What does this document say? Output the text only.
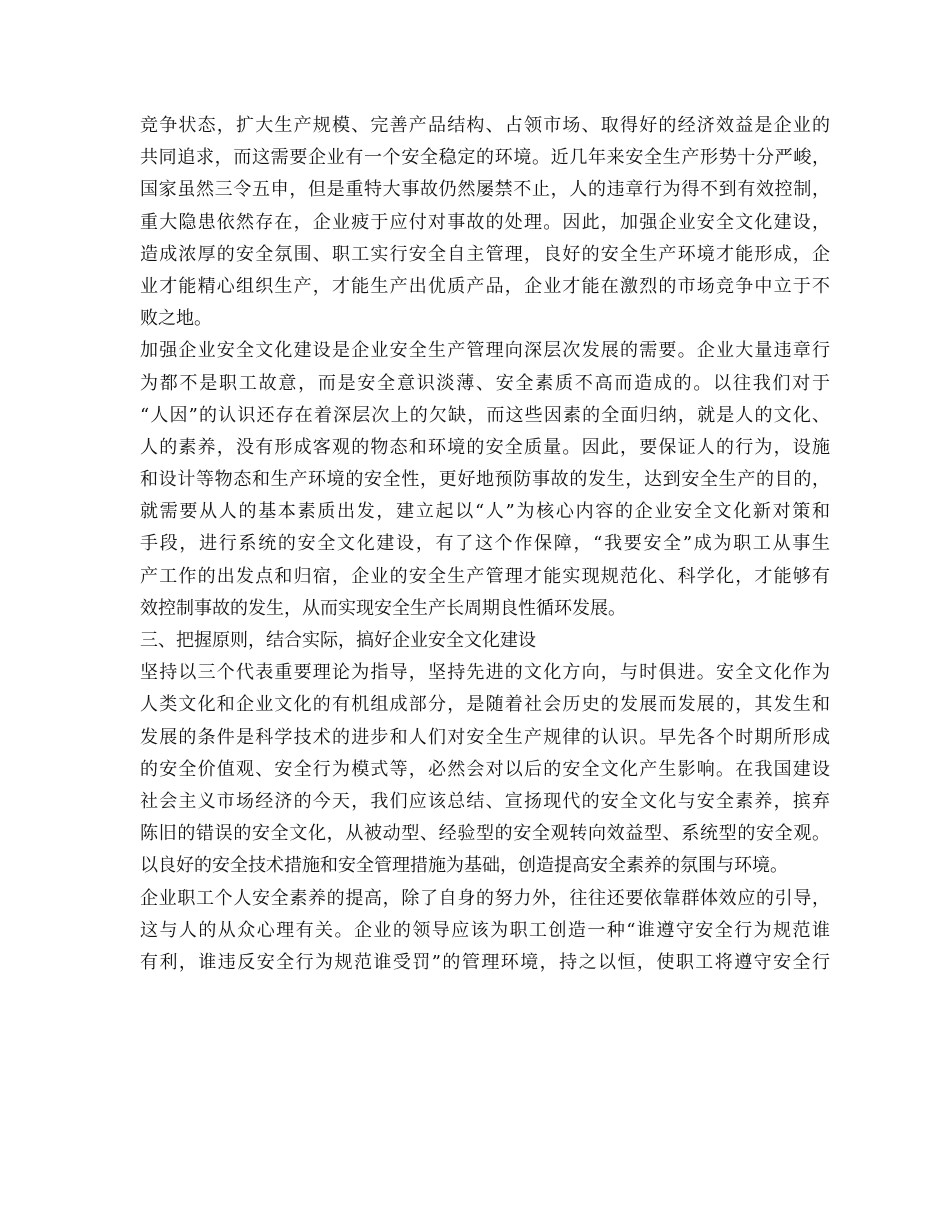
竞争状态，扩大生产规模、完善产品结构、占领市场、取得好的经济效益是企业的
共同追求，而这需要企业有一个安全稳定的环境。近几年来安全生产形势十分严峻，
国家虽然三令五申，但是重特大事故仍然屡禁不止，人的违章行为得不到有效控制，
重大隐患依然存在，企业疲于应付对事故的处理。因此，加强企业安全文化建设，
造成浓厚的安全氛围、职工实行安全自主管理，良好的安全生产环境才能形成，企
业才能精心组织生产，才能生产出优质产品，企业才能在激烈的市场竞争中立于不
败之地。
加强企业安全文化建设是企业安全生产管理向深层次发展的需要。企业大量违章行
为都不是职工故意，而是安全意识淡薄、安全素质不高而造成的。以往我们对于
“人因”的认识还存在着深层次上的欠缺，而这些因素的全面归纳，就是人的文化、
人的素养，没有形成客观的物态和环境的安全质量。因此，要保证人的行为，设施
和设计等物态和生产环境的安全性，更好地预防事故的发生，达到安全生产的目的，
就需要从人的基本素质出发，建立起以“人”为核心内容的企业安全文化新对策和
手段，进行系统的安全文化建设，有了这个作保障，“我要安全”成为职工从事生
产工作的出发点和归宿，企业的安全生产管理才能实现规范化、科学化，才能够有
效控制事故的发生，从而实现安全生产长周期良性循环发展。
三、把握原则，结合实际，搞好企业安全文化建设
坚持以三个代表重要理论为指导，坚持先进的文化方向，与时俱进。安全文化作为
人类文化和企业文化的有机组成部分，是随着社会历史的发展而发展的，其发生和
发展的条件是科学技术的进步和人们对安全生产规律的认识。早先各个时期所形成
的安全价值观、安全行为模式等，必然会对以后的安全文化产生影响。在我国建设
社会主义市场经济的今天，我们应该总结、宣扬现代的安全文化与安全素养，摈弃
陈旧的错误的安全文化，从被动型、经验型的安全观转向效益型、系统型的安全观。
以良好的安全技术措施和安全管理措施为基础，创造提高安全素养的氛围与环境。
企业职工个人安全素养的提高，除了自身的努力外，往往还要依靠群体效应的引导，
这与人的从众心理有关。企业的领导应该为职工创造一种“谁遵守安全行为规范谁
有利，谁违反安全行为规范谁受罚”的管理环境，持之以恒，使职工将遵守安全行
